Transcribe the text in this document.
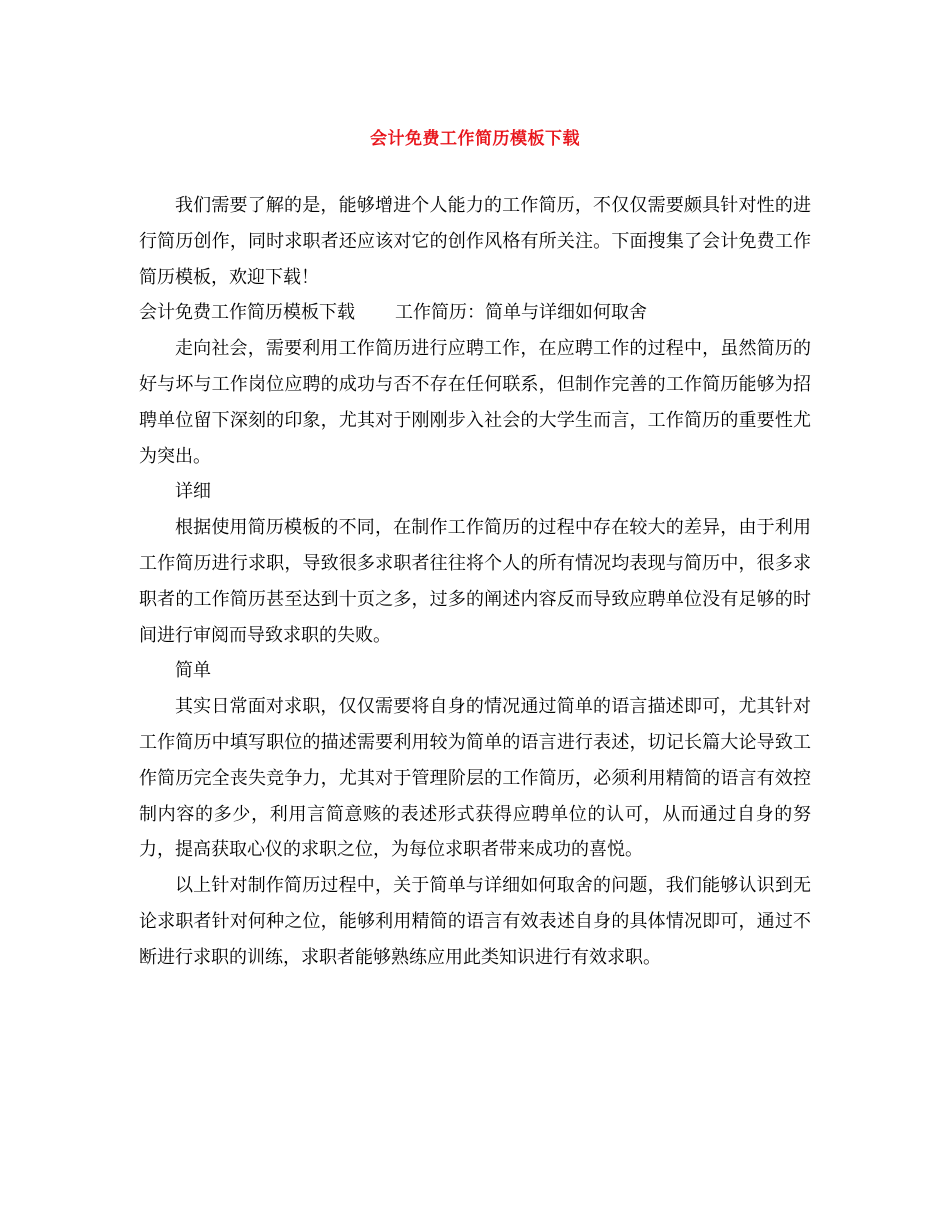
会计免费工作简历模板下载

我们需要了解的是，能够增进个人能力的工作简历，不仅仅需要颇具针对性的进行简历创作，同时求职者还应该对它的创作风格有所关注。下面搜集了会计免费工作简历模板，欢迎下载！

会计免费工作简历模板下载 工作简历：简单与详细如何取舍

走向社会，需要利用工作简历进行应聘工作，在应聘工作的过程中，虽然简历的好与坏与工作岗位应聘的成功与否不存在任何联系，但制作完善的工作简历能够为招聘单位留下深刻的印象，尤其对于刚刚步入社会的大学生而言，工作简历的重要性尤为突出。

详细

根据使用简历模板的不同，在制作工作简历的过程中存在较大的差异，由于利用工作简历进行求职，导致很多求职者往往将个人的所有情况均表现与简历中，很多求职者的工作简历甚至达到十页之多，过多的阐述内容反而导致应聘单位没有足够的时间进行审阅而导致求职的失败。

简单

其实日常面对求职，仅仅需要将自身的情况通过简单的语言描述即可，尤其针对工作简历中填写职位的描述需要利用较为简单的语言进行表述，切记长篇大论导致工作简历完全丧失竞争力，尤其对于管理阶层的工作简历，必须利用精简的语言有效控制内容的多少，利用言简意赅的表述形式获得应聘单位的认可，从而通过自身的努力，提高获取心仪的求职之位，为每位求职者带来成功的喜悦。

以上针对制作简历过程中，关于简单与详细如何取舍的问题，我们能够认识到无论求职者针对何种之位，能够利用精简的语言有效表述自身的具体情况即可，通过不断进行求职的训练，求职者能够熟练应用此类知识进行有效求职。
